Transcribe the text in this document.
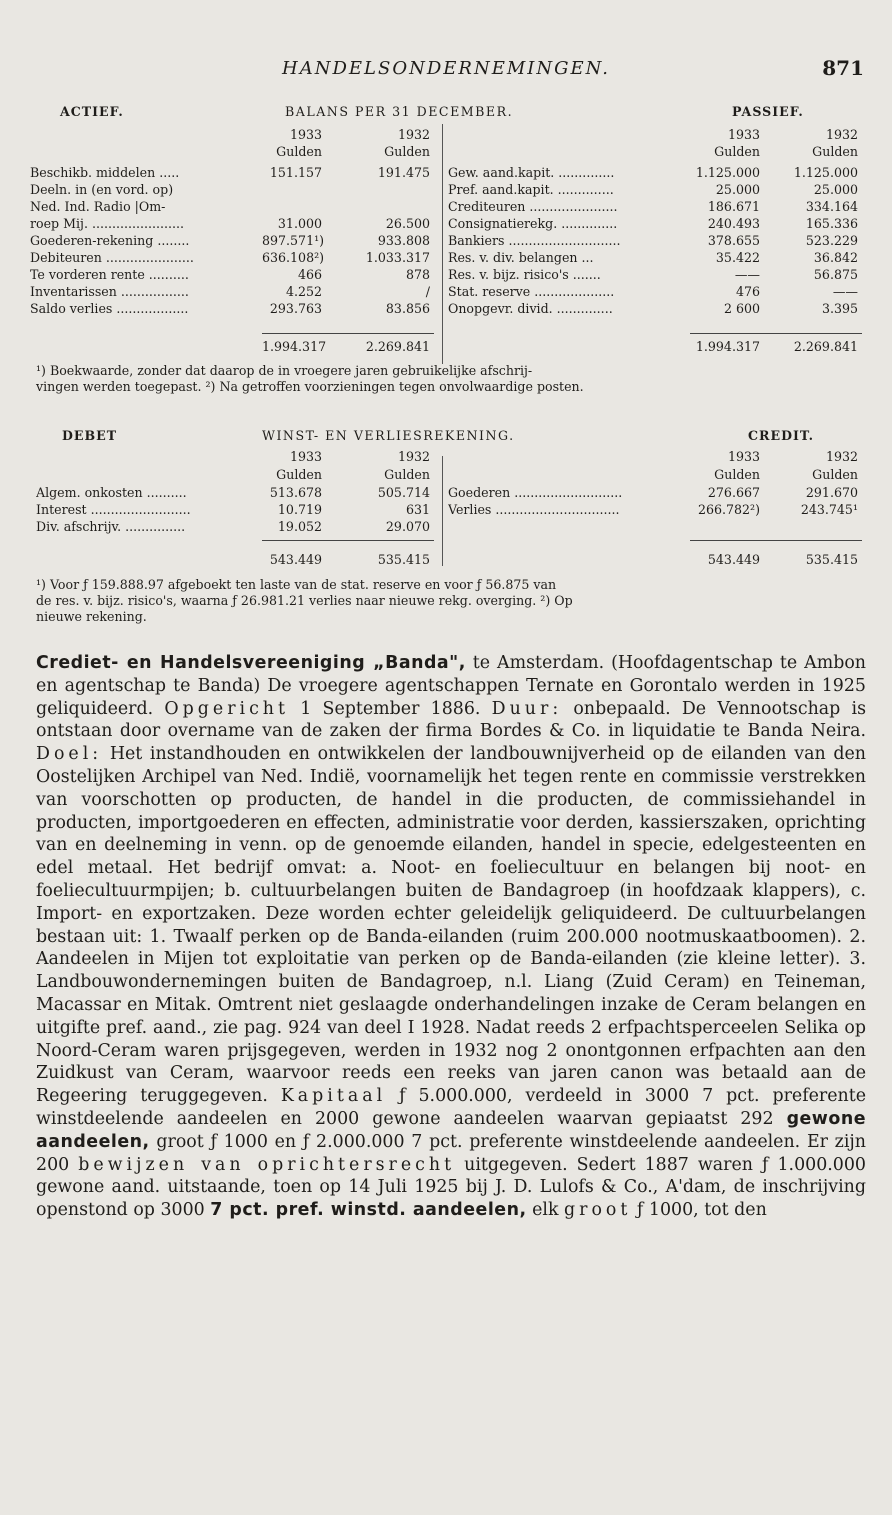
HANDELSONDERNEMINGEN.	871
ACTIEF.	BALANS PER 31 DECEMBER.	PASSIEF.
1933	1932
Gulden	Gulden
1933	1932
Gulden	Gulden
1.994.317	2.269.841	1.994.317	2.269.841
¹) Boekwaarde, zonder dat daarop de in vroegere jaren gebruikelijke afschrij-
vingen werden toegepast. ²) Na getroffen voorzieningen tegen onvolwaardige posten.
Beschikb. middelen .....	151.157	191.475
Deeln. in (en vord. op)
Ned. Ind. Radio |Om-
roep Mij. .......................	31.000	26.500
Goederen-rekening ........	897.571¹)	933.808
Debiteuren ......................	636.108²)	1.033.317
Te vorderen rente ..........	466	878
Inventarissen .................	4.252	/
Saldo verlies ..................	293.763	83.856
Gew. aand.kapit. ..............	1.125.000	1.125.000
Pref. aand.kapit. ..............	25.000	25.000
Crediteuren ......................	186.671	334.164
Consignatierekg. ..............	240.493	165.336
Bankiers ............................	378.655	523.229
Res. v. div. belangen ...	35.422	36.842
Res. v. bijz. risico's .......	——	56.875
Stat. reserve ....................	476	——
Onopgevr. divid. ..............	2 600	3.395
DEBET	WINST- EN VERLIESREKENING.	CREDIT.
1933	1932
Gulden	Gulden
1933	1932
Gulden	Gulden
543.449	535.415	543.449	535.415
¹) Voor ƒ 159.888.97 afgeboekt ten laste van de stat. reserve en voor ƒ 56.875 van
de res. v. bijz. risico's, waarna ƒ 26.981.21 verlies naar nieuwe rekg. overging. ²) Op
nieuwe rekening.
Algem. onkosten ..........	513.678	505.714
Interest .........................	10.719	631
Div. afschrijv. ...............	19.052	29.070
Goederen ...........................	276.667	291.670
Verlies ...............................	266.782²)	243.745¹
Crediet- en Handelsvereeniging „Banda", te Amsterdam. (Hoofdagentschap te Ambon en agentschap te Banda) De vroegere agentschappen Ternate en Gorontalo werden in 1925 geliquideerd. Opgericht 1 September 1886. Duur: onbepaald. De Vennootschap is ontstaan door overname van de zaken der firma Bordes & Co. in liquidatie te Banda Neira. Doel: Het instandhouden en ontwikkelen der landbouwnijverheid op de eilanden van den Oostelijken Archipel van Ned. Indië, voornamelijk het tegen rente en commissie verstrekken van voorschotten op producten, de handel in die producten, de commissiehandel in producten, importgoederen en effecten, administratie voor derden, kassierszaken, oprichting van en deelneming in venn. op de genoemde eilanden, handel in specie, edelgesteenten en edel metaal. Het bedrijf omvat: a. Noot- en foeliecultuur en belangen bij noot- en foeliecultuurmpijen; b. cultuurbelangen buiten de Bandagroep (in hoofdzaak klappers), c. Import- en exportzaken. Deze worden echter geleidelijk geliquideerd. De cultuurbelangen bestaan uit: 1. Twaalf perken op de Banda-eilanden (ruim 200.000 nootmuskaatboomen). 2. Aandeelen in Mijen tot exploitatie van perken op de Banda-eilanden (zie kleine letter). 3. Landbouwondernemingen buiten de Bandagroep, n.l. Liang (Zuid Ceram) en Teineman, Macassar en Mitak. Omtrent niet geslaagde onderhandelingen inzake de Ceram belangen en uitgifte pref. aand., zie pag. 924 van deel I 1928. Nadat reeds 2 erfpachtsperceelen Selika op Noord-Ceram waren prijsgegeven, werden in 1932 nog 2 onontgonnen erfpachten aan den Zuidkust van Ceram, waarvoor reeds een reeks van jaren canon was betaald aan de Regeering teruggegeven. Kapitaal ƒ 5.000.000, verdeeld in 3000 7 pct. preferente winstdeelende aandeelen en 2000 gewone aandeelen waarvan gepiaatst 292 gewone aandeelen, groot ƒ 1000 en ƒ 2.000.000 7 pct. preferente winstdeelende aandeelen. Er zijn 200 bewijzen van oprichtersrecht uitgegeven. Sedert 1887 waren ƒ 1.000.000 gewone aand. uitstaande, toen op 14 Juli 1925 bij J. D. Lulofs & Co., A'dam, de inschrijving openstond op 3000 7 pct. pref. winstd. aandeelen, elk groot ƒ 1000, tot den
